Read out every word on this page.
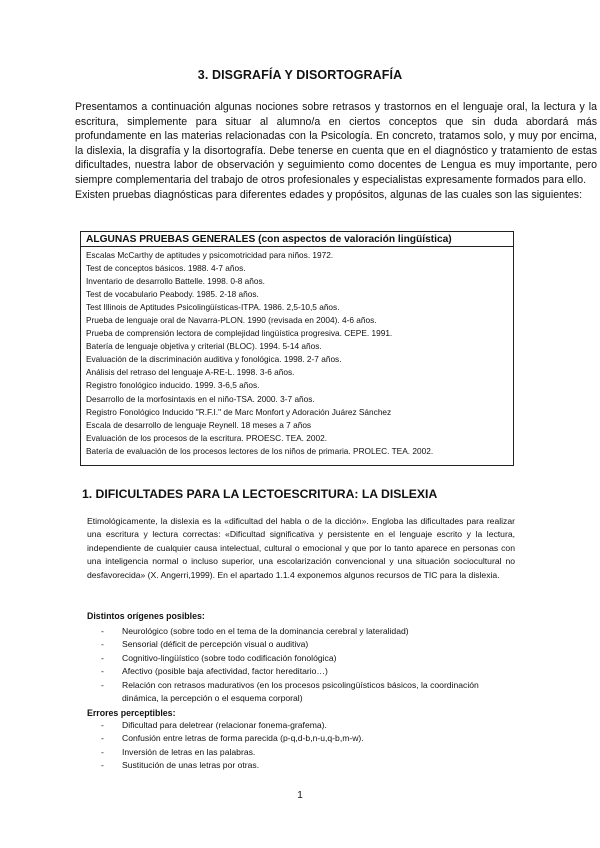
3. DISGRAFÍA Y DISORTOGRAFÍA

Presentamos a continuación algunas nociones sobre retrasos y trastornos en el lenguaje oral, la lectura y la escritura, simplemente para situar al alumno/a en ciertos conceptos que sin duda abordará más profundamente en las materias relacionadas con la Psicología. En concreto, tratamos solo, y muy por encima, la dislexia, la disgrafía y la disortografía. Debe tenerse en cuenta que en el diagnóstico y tratamiento de estas dificultades, nuestra labor de observación y seguimiento como docentes de Lengua es muy importante, pero siempre complementaria del trabajo de otros profesionales y especialistas expresamente formados para ello.

Existen pruebas diagnósticas para diferentes edades y propósitos, algunas de las cuales son las siguientes:

ALGUNAS PRUEBAS GENERALES (con aspectos de valoración lingüística)
Escalas McCarthy de aptitudes y psicomotricidad para niños. 1972.
Test de conceptos básicos. 1988. 4-7 años.
Inventario de desarrollo Battelle. 1998. 0-8 años.
Test de vocabulario Peabody. 1985. 2-18 años.
Test Illinois de Aptitudes Psicolingüísticas-ITPA. 1986. 2,5-10,5 años.
Prueba de lenguaje oral de Navarra-PLON. 1990 (revisada en 2004). 4-6 años.
Prueba de comprensión lectora de complejidad lingüística progresiva. CEPE. 1991.
Batería de lenguaje objetiva y criterial (BLOC). 1994. 5-14 años.
Evaluación de la discriminación auditiva y fonológica. 1998. 2-7 años.
Análisis del retraso del lenguaje A-RE-L. 1998. 3-6 años.
Registro fonológico inducido. 1999. 3-6,5 años.
Desarrollo de la morfosintaxis en el niño-TSA. 2000. 3-7 años.
Registro Fonológico Inducido "R.F.I." de Marc Monfort y Adoración Juárez Sánchez
Escala de desarrollo de lenguaje Reynell. 18 meses a 7 años
Evaluación de los procesos de la escritura. PROESC. TEA. 2002.
Batería de evaluación de los procesos lectores de los niños de primaria. PROLEC. TEA. 2002.
1. DIFICULTADES PARA LA LECTOESCRITURA: LA DISLEXIA

Etimológicamente, la dislexia es la «dificultad del habla o de la dicción». Engloba las dificultades para realizar una escritura y lectura correctas: «Dificultad significativa y persistente en el lenguaje escrito y la lectura, independiente de cualquier causa intelectual, cultural o emocional y que por lo tanto aparece en personas con una inteligencia normal o incluso superior, una escolarización convencional y una situación sociocultural no desfavorecida» (X. Angerri,1999). En el apartado 1.1.4 exponemos algunos recursos de TIC para la dislexia.

Distintos orígenes posibles:
- Neurológico (sobre todo en el tema de la dominancia cerebral y lateralidad)
- Sensorial (déficit de percepción visual o auditiva)
- Cognitivo-lingüístico (sobre todo codificación fonológica)
- Afectivo (posible baja afectividad, factor hereditario…)
- Relación con retrasos madurativos (en los procesos psicolingüísticos básicos, la coordinación dinámica, la percepción o el esquema corporal)
Errores perceptibles:
- Dificultad para deletrear (relacionar fonema-grafema).
- Confusión entre letras de forma parecida (p-q,d-b,n-u,q-b,m-w).
- Inversión de letras en las palabras.
- Sustitución de unas letras por otras.
1
